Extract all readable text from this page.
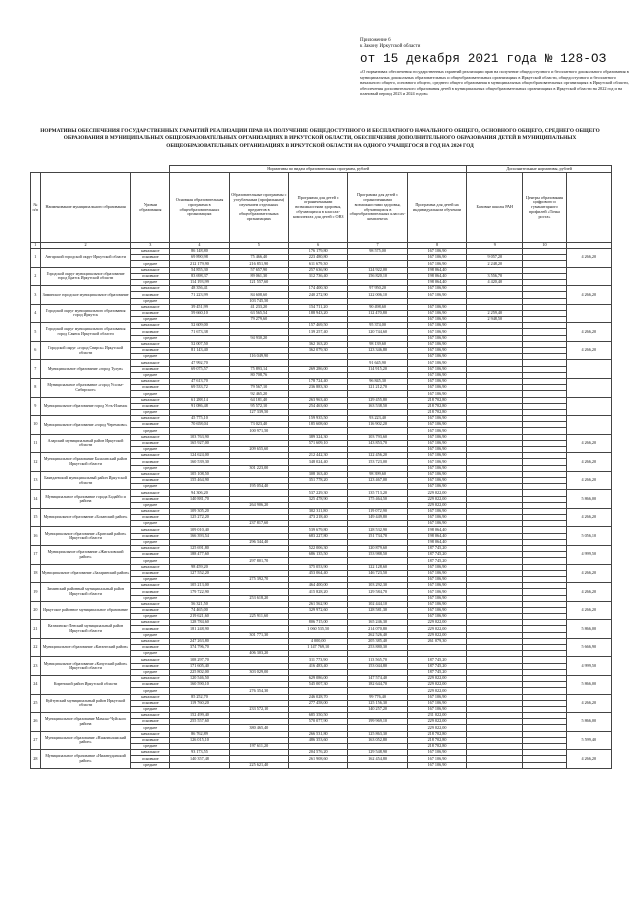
Приложение 6
к Закону Иркутской области
от 15 декабря 2021 года № 128-ОЗ
«О нормативах обеспечения государственных гарантий реализации прав на получение общедоступного и бесплатного дошкольного образования в муниципальных дошкольных образовательных и общеобразовательных организациях в Иркутской области, общедоступного и бесплатного начального общего, основного общего, среднего общего образования в муниципальных общеобразовательных организациях в Иркутской области, обеспечения дополнительного образования детей в муниципальных общеобразовательных организациях в Иркутской области на 2022 год и на плановый период 2023 и 2024 годов»
НОРМАТИВЫ ОБЕСПЕЧЕНИЯ ГОСУДАРСТВЕННЫХ ГАРАНТИЙ РЕАЛИЗАЦИИ ПРАВ НА ПОЛУЧЕНИЕ ОБЩЕДОСТУПНОГО И БЕСПЛАТНОГО НАЧАЛЬНОГО ОБЩЕГО, ОСНОВНОГО ОБЩЕГО, СРЕДНЕГО ОБЩЕГО ОБРАЗОВАНИЯ В МУНИЦИПАЛЬНЫХ ОБЩЕОБРАЗОВАТЕЛЬНЫХ ОРГАНИЗАЦИЯХ В ИРКУТСКОЙ ОБЛАСТИ, ОБЕСПЕЧЕНИЯ ДОПОЛНИТЕЛЬНОГО ОБРАЗОВАНИЯ ДЕТЕЙ В МУНИЦИПАЛЬНЫХ ОБЩЕОБРАЗОВАТЕЛЬНЫХ ОРГАНИЗАЦИЯХ В ИРКУТСКОЙ ОБЛАСТИ НА ОДНОГО УЧАЩЕГОСЯ В ГОД НА 2024 ГОД
			Нормативы по видам образовательных программ, рублей					Дополнительные нормативы, рублей		
№ п/п	Наименование муниципального образования	Уровни образования	Основная образовательная программа в общеобразовательных организациях	Образовательные программы с углубленным (профильным) изучением отдельных предметов в общеобразовательных организациях	Программа для детей с ограниченными возможностями здоровья, обучающихся в классах-комплектах для детей с ОВЗ	Программа для детей с ограниченными возможностями здоровья, обучающихся в общеобразовательных классах-комплектах	Программа для детей на индивидуальном обучении	Базовые школы РАН	Центры образования цифрового и гуманитарного профилей «Точка роста»	
1	2	3	4	5	6	7	8	9	10	
1	Ангарский городской округ Иркутской области	начальное	86 148,80		176 179,80	98 575,00	167 106,90			4 266,20
		основное	69 890,98	75 466,40	223 480,80		167 106,90	9 057,20		
		среднее	212 179,90	216 851,90	611 679,30		167 106,90	2 248,20		
2	Городской округ муниципальное образование город Братск Иркутской области	начальное	54 855,30	57 657,90	257 636,90	124 922,00	198 064,40			
		основное	83 698,37	89 061,30	312 736,40	156 820,10	198 064,40	3 556,70		
		среднее	114 193,99	121 557,60			198 064,40	4 420,40		
3	Зиминское городское муниципальное образование	начальное	48 356,41		174 400,30	97 950,20	167 106,90			4 266,20
		основное	71 223,99	84 608,60	240 272,90	122 006,10	167 106,90			
		среднее		103 745,50						
4	Городской округ муниципального образования город Иркутск	начальное	39 451,99	41 233,20	154 711,20	90 498,60	167 106,90			
		основное	59 660,10	63 565,54	188 943,20	112 470,80	167 106,90	2 259,40		
		среднее		79 279,60			167 106,90	2 948,50		
5	Городской округ муниципального образования город Саянск Иркутской области	начальное	52 609,00		157 469,50	95 374,00	167 106,90			4 266,20
		основное	71 673,38		139 257,40	120 744,60	167 106,90			
		среднее		94 930,20			167 106,90			
6	Городской округ «город Свирск» Иркутской области	начальное	52 007,50		362 163,20	98 139,60	167 106,90			4 266,20
		основное	81 143,40		362 079,30	123 346,80	167 106,90			
		среднее		116 049,90			167 106,90			
7	Муниципальное образование «город Тулун»	начальное	47 992,70			91 645,90	167 106,90			
		основное	69 075,57	75 893,14	269 286,00	114 915,20	167 106,90			
		среднее		80 708,76			167 106,90			
8	Муниципальное образование «город Усолье-Сибирское»	начальное	47 613,70		178 724,40	96 845,30	167 106,90			
		основное	69 533,72	79 567,10	236 883,30	121 212,70	167 106,90			
		среднее		92 465,20			167 106,90			
9	Муниципальное образование город Усть-Илимск	начальное	61 288,14	64 181,40	263 963,40	129 455,80	218 702,80			
		основное	91 086,48	95 572,10	254 463,60	163 538,50	218 702,80			
		среднее		127 339,50			218 702,80			
10	Муниципальное образование «город Черемхово»	начальное	45 775,10		159 935,50	93 223,40	167 106,90			
		основное	70 658,04	73 023,40	185 608,60	116 902,20	167 106,90			
		среднее		100 971,50			167 106,90			
11	Аларский муниципальный район Иркутской области	начальное	103 763,90		389 324,30	103 793,60	167 106,90			4 266,20
		основное	165 927,00		571 609,10	143 853,70	167 106,90			
		среднее		209 655,60			167 106,90			
12	Муниципальное образование Балаганский район Иркутской области	начальное	124 624,00		212 442,30	122 456,20	167 106,90			4 266,20
		основное	160 539,30		348 024,40	153 723,00	167 106,90			
		среднее		301 223,00			167 106,90			
13	Баяндаевский муниципальный район Иркутской области	начальное	105 108,50		308 163,40	98 399,60	167 106,90			4 266,20
		основное	155 464,90		351 778,20	123 467,00	167 106,90			
		среднее		195 054,40			167 106,90			
14	Муниципальное образование города Бодайбо и района	начальное	94 306,20		537 229,30	135 713,20	229 022,00			5 866,00
		основное	140 881,70		325 478,90	175 464,50	229 022,00			
		среднее		264 906,20			229 022,00			
15	Муниципальное образование «Боханский район»	начальное	109 305,20		302 311,80	119 072,90	167 106,90			4 266,20
		основное	125 272,20		473 218,40	149 449,80	167 106,90			
		среднее		237 817,60			167 106,90			
16	Муниципальное образование «Братский район» Иркутской области	начальное	109 010,40		539 679,80	128 532,90	198 064,40			5 056,10
		основное	166 393,54		683 227,80	151 734,70	198 064,40			
		среднее		296 344,40			198 064,40			
17	Муниципальное образование «Жигаловский район»	начальное	125 691,80		522 006,30	120 879,60	187 745,20			4 999,50
		основное	188 477,60		686 135,50	153 988,50	187 745,20			
		среднее		297 801,70			187 745,20			
18	Муниципальное образование «Заларинский район»	начальное	98 459,20		375 053,90	122 128,60	167 106,90			4 266,20
		основное	127 552,20		453 064,40	146 723,50	167 106,90			
		среднее		275 392,70			167 106,90			
19	Зиминский районный муниципальный район Иркутской области	начальное	105 213,00		464 400,00	103 292,30	167 106,90			4 266,20
		основное	179 722,90		415 828,20	129 584,70	167 106,90			
		среднее		253 618,20			167 106,90			
20	Иркутское районное муниципальное образование	начальное	56 321,50		261 562,90	102 444,10	167 106,90			4 266,20
		основное	74 465,00		329 972,60	128 581,30	167 106,90			
		среднее	219 621,60	225 911,60			167 106,90			
21	Казачинско-Ленский муниципальный район Иркутской области	начальное	128 784,60		806 715,00	165 246,30	229 022,00			5 866,00
		основное	181 248,90		1 060 535,50	214 070,80	229 022,00			
		среднее		301 771,30		262 526,40	229 022,00			
22	Муниципальное образование «Катангский район»	начальное	247 263,80		4 000,00	205 385,40	261 079,30			5 666,90
		основное	374 796,70		1 147 769,10	253 880,30				
		среднее		406 303,20						
23	Муниципальное образование «Качугский район» Иркутской области	начальное	108 297,70		311 773,90	113 565,70	187 745,20			4 999,50
		основное	171 605,40		416 483,40	153 044,80	187 745,20			
		среднее	225 802,00	303 029,00			187 745,20			
24	Киренский район Иркутской области	начальное	120 546,50		629 086,00	147 574,40	229 022,00			5 866,00
		основное	160 590,10		545 007,30	182 644,70	229 022,00			
		среднее		276 354,30			229 022,00			
25	Куйтунский муниципальный район Иркутской области	начальное	85 252,70		246 028,70	99 776,40	167 106,90			4 266,20
		основное	119 760,20		277 458,00	125 156,30	167 106,90			
		среднее		233 572,10		140 257,20	167 106,90			
26	Муниципальное образование Мамско-Чуйского района	начальное	152 499,40		685 350,50		231 022,00			5 866,00
		основное	255 557,60		570 077,90	199 969,10	229 022,00			
		среднее		380 465,40			229 022,00			
27	Муниципальное образование «Нижнеилимский район»	начальное	86 762,89		266 531,80	125 863,30	218 702,80			5 599,40
		основное	126 015,10		486 353,60	163 052,80	218 702,80			
		среднее		197 611,20			218 702,80			
28	Муниципальное образование «Нижнеудинский район»	начальное	93 173,55		204 576,20	129 548,90	167 106,90			4 266,20
		основное	140 357,48		261 908,60	162 454,80	167 106,90			
		среднее		225 621,40			167 106,90			
